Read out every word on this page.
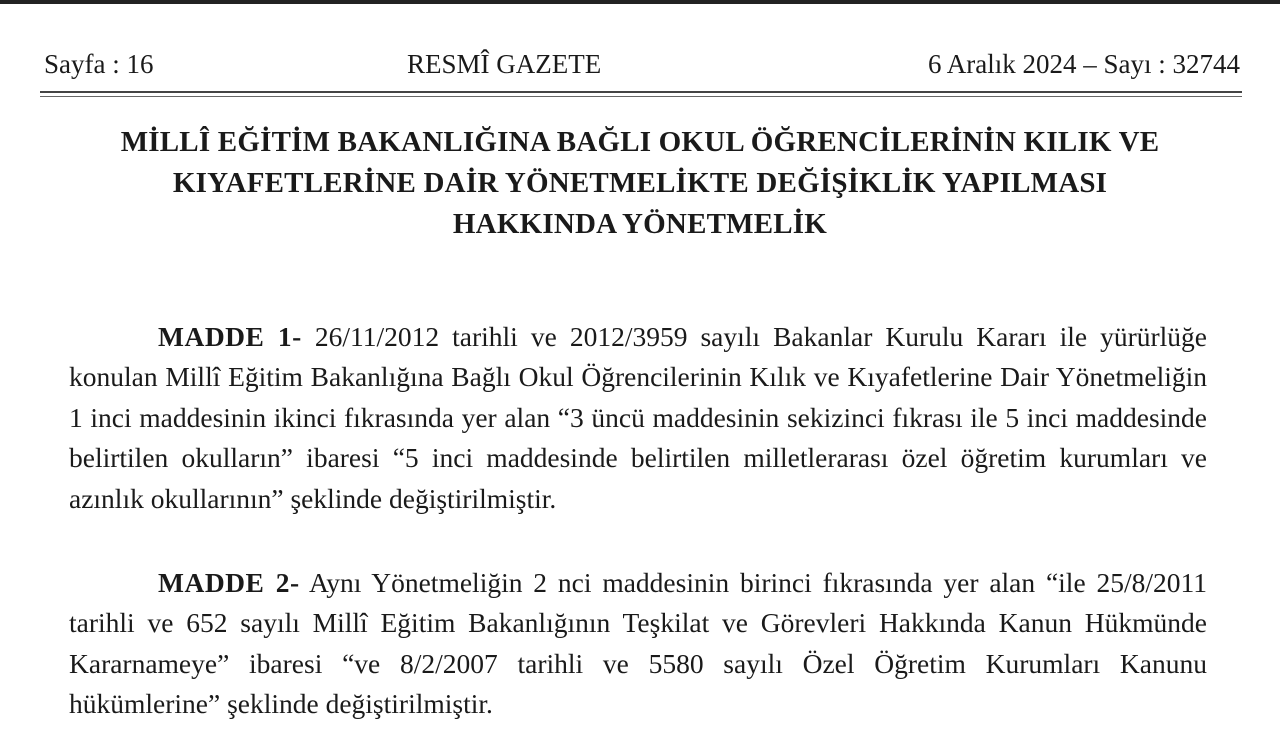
Sayfa : 16	RESMÎ GAZETE	6 Aralık 2024 – Sayı : 32744
MİLLÎ EĞİTİM BAKANLIĞINA BAĞLI OKUL ÖĞRENCİLERİNİN KILIK VE
KIYAFETLERİNE DAİR YÖNETMELİKTE DEĞİŞİKLİK YAPILMASI
HAKKINDA YÖNETMELİK

MADDE 1- 26/11/2012 tarihli ve 2012/3959 sayılı Bakanlar Kurulu Kararı ile yürürlüğe konulan Millî Eğitim Bakanlığına Bağlı Okul Öğrencilerinin Kılık ve Kıyafetlerine Dair Yönetmeliğin 1 inci maddesinin ikinci fıkrasında yer alan “3 üncü maddesinin sekizinci fıkrası ile 5 inci maddesinde belirtilen okulların” ibaresi “5 inci maddesinde belirtilen milletlerarası özel öğretim kurumları ve azınlık okullarının” şeklinde değiştirilmiştir.

MADDE 2- Aynı Yönetmeliğin 2 nci maddesinin birinci fıkrasında yer alan “ile 25/8/2011 tarihli ve 652 sayılı Millî Eğitim Bakanlığının Teşkilat ve Görevleri Hakkında Kanun Hükmünde Kararnameye” ibaresi “ve 8/2/2007 tarihli ve 5580 sayılı Özel Öğretim Kurumları Kanunu hükümlerine” şeklinde değiştirilmiştir.
